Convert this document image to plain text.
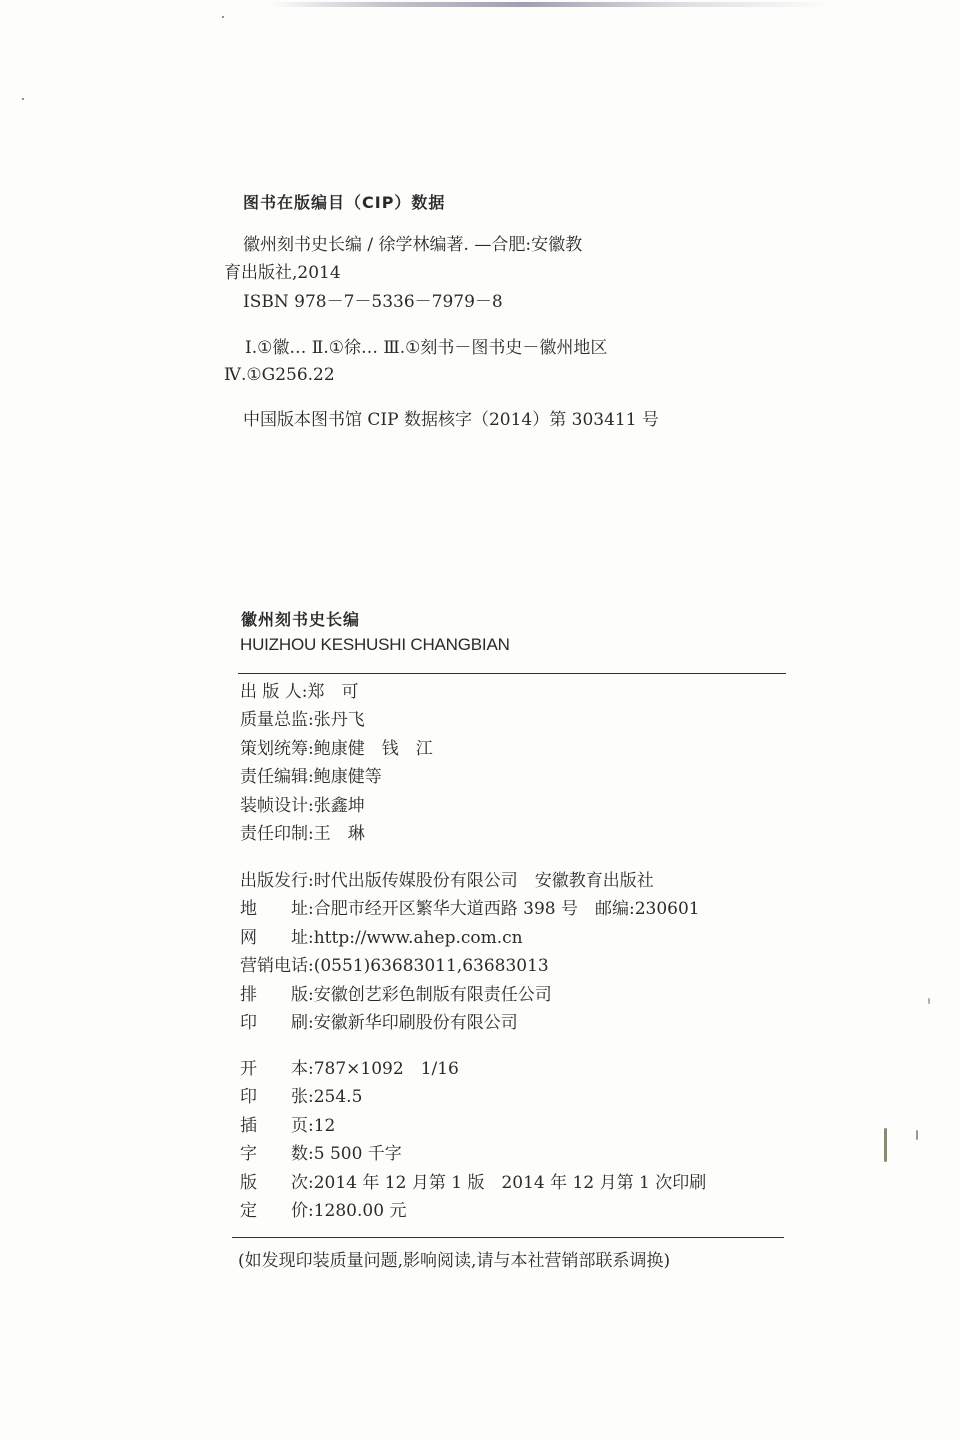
图书在版编目（CIP）数据
徽州刻书史长编 / 徐学林编著. —合肥:安徽教
育出版社,2014
ISBN 978－7－5336－7979－8
Ⅰ.①徽… Ⅱ.①徐… Ⅲ.①刻书－图书史－徽州地区
Ⅳ.①G256.22
中国版本图书馆 CIP 数据核字（2014）第 303411 号
徽州刻书史长编
HUIZHOU KESHUSHI CHANGBIAN
出 版 人:郑　可
质量总监:张丹飞
策划统筹:鲍康健　钱　江
责任编辑:鲍康健等
装帧设计:张鑫坤
责任印制:王　琳
出版发行:时代出版传媒股份有限公司　安徽教育出版社
地　　址:合肥市经开区繁华大道西路 398 号　邮编:230601
网　　址:http://www.ahep.com.cn
营销电话:(0551)63683011,63683013
排　　版:安徽创艺彩色制版有限责任公司
印　　刷:安徽新华印刷股份有限公司
开　　本:787×1092　1/16
印　　张:254.5
插　　页:12
字　　数:5 500 千字
版　　次:2014 年 12 月第 1 版　2014 年 12 月第 1 次印刷
定　　价:1280.00 元
(如发现印装质量问题,影响阅读,请与本社营销部联系调换)
